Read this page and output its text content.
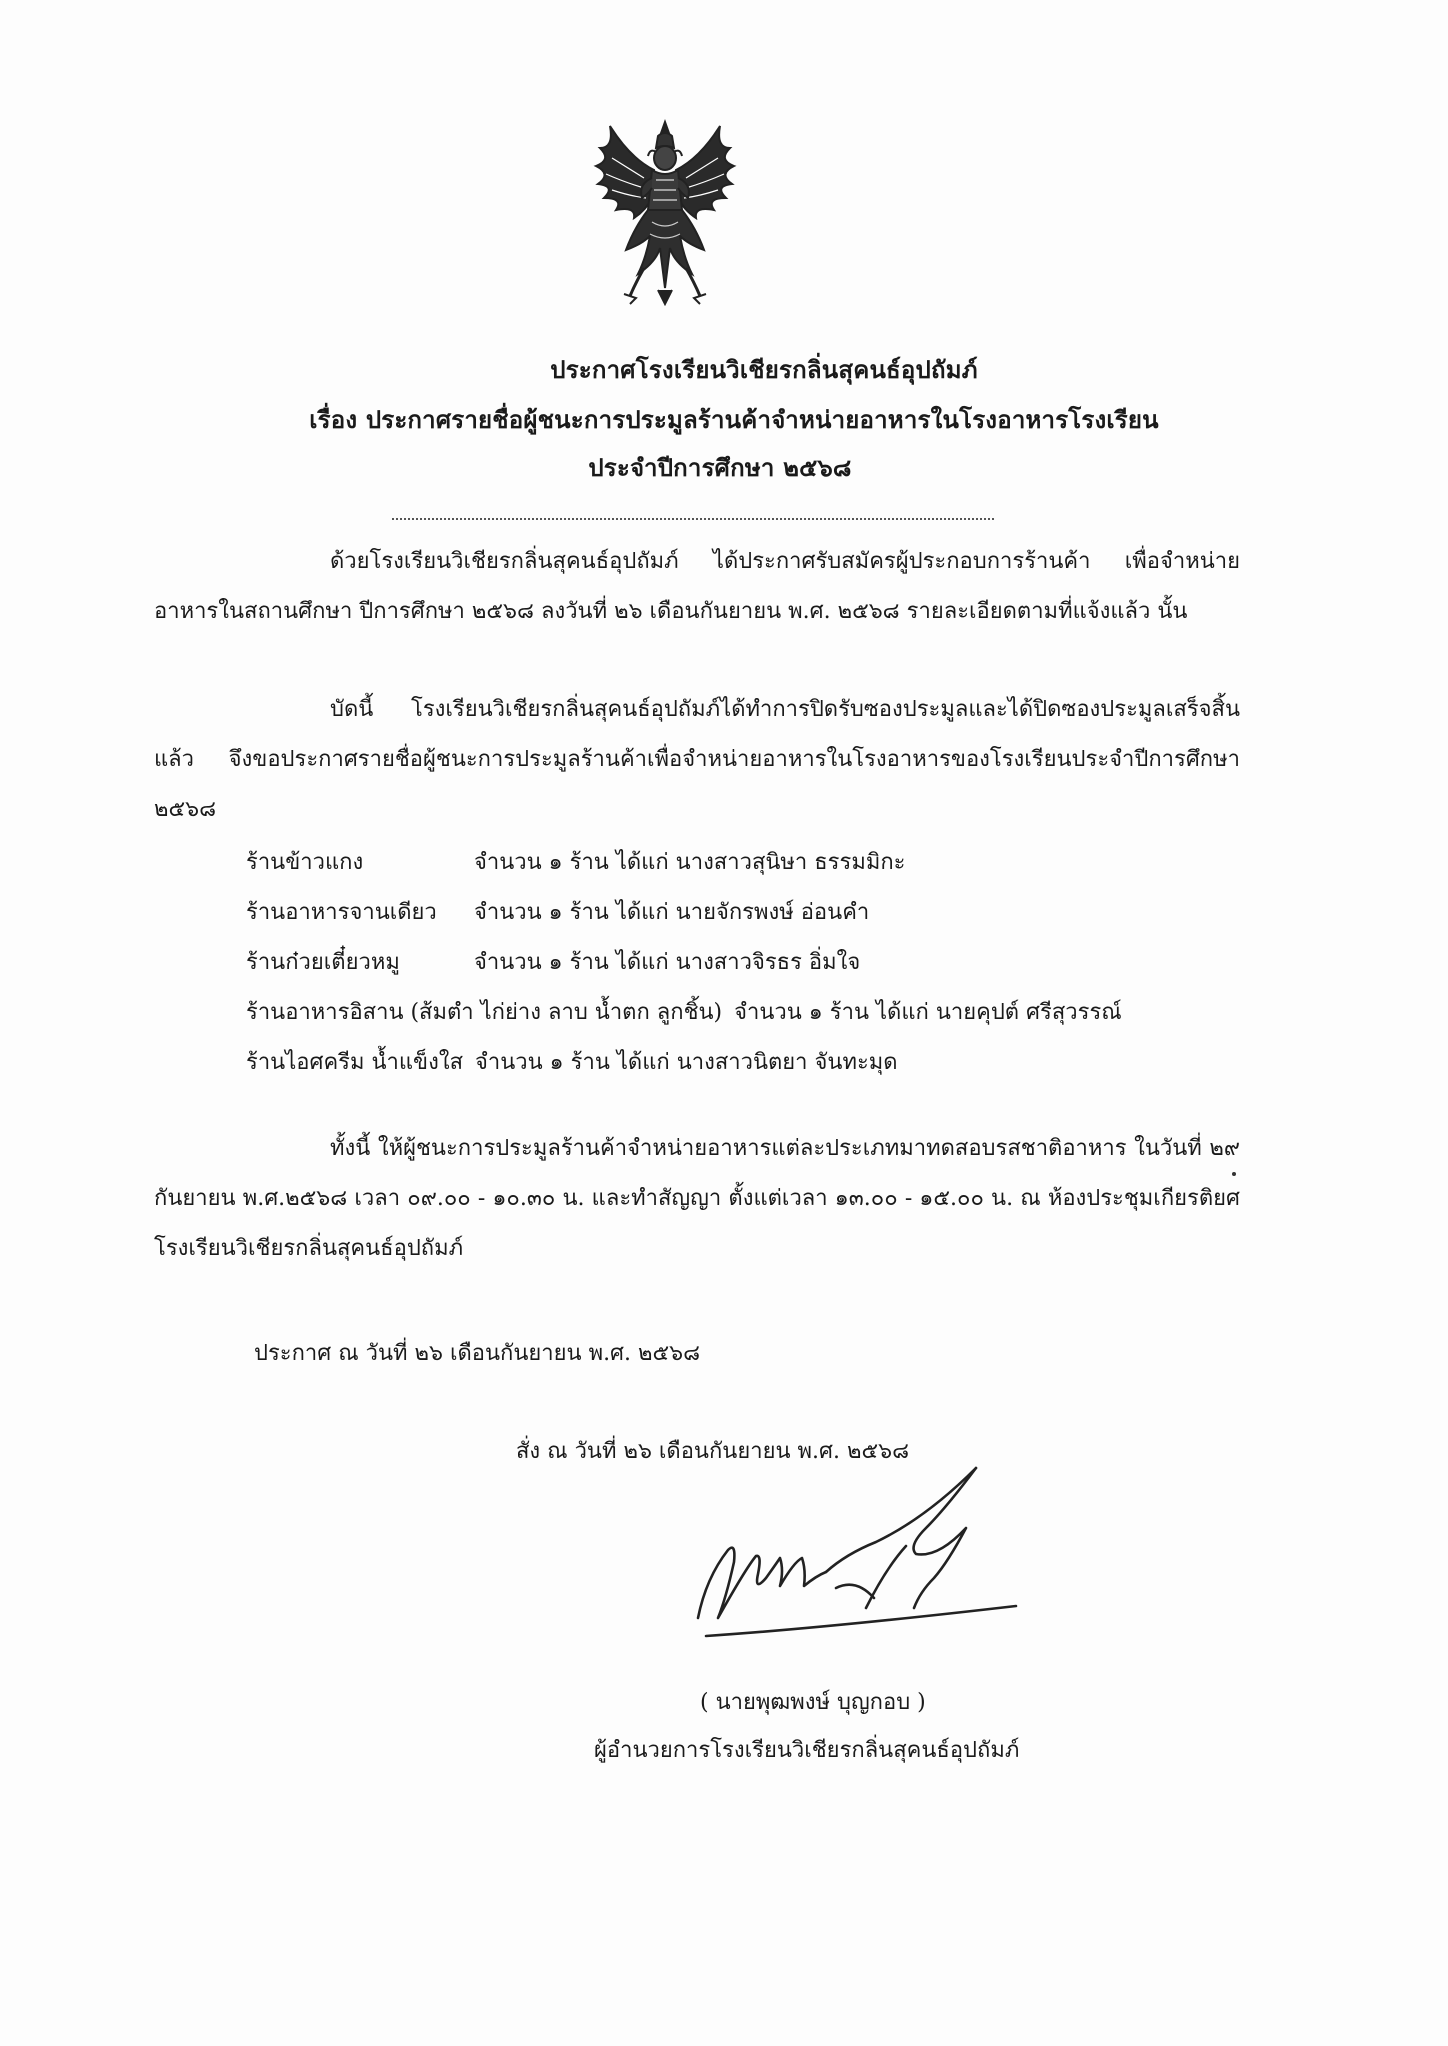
ประกาศโรงเรียนวิเชียรกลิ่นสุคนธ์อุปถัมภ์
เรื่อง ประกาศรายชื่อผู้ชนะการประมูลร้านค้าจำหน่ายอาหารในโรงอาหารโรงเรียน
ประจำปีการศึกษา ๒๕๖๘
ด้วยโรงเรียนวิเชียรกลิ่นสุคนธ์อุปถัมภ์ ได้ประกาศรับสมัครผู้ประกอบการร้านค้า เพื่อจำหน่ายอาหารในสถานศึกษา ปีการศึกษา ๒๕๖๘ ลงวันที่ ๒๖ เดือนกันยายน พ.ศ. ๒๕๖๘ รายละเอียดตามที่แจ้งแล้ว นั้น
บัดนี้ โรงเรียนวิเชียรกลิ่นสุคนธ์อุปถัมภ์ได้ทำการปิดรับซองประมูลและได้ปิดซองประมูลเสร็จสิ้นแล้ว จึงขอประกาศรายชื่อผู้ชนะการประมูลร้านค้าเพื่อจำหน่ายอาหารในโรงอาหารของโรงเรียนประจำปีการศึกษา ๒๕๖๘
ร้านข้าวแกง	จำนวน ๑ ร้าน ได้แก่ นางสาวสุนิษา ธรรมมิกะ
ร้านอาหารจานเดียว จำนวน ๑ ร้าน ได้แก่ นายจักรพงษ์ อ่อนคำ
ร้านก๋วยเตี๋ยวหมู	จำนวน ๑ ร้าน ได้แก่ นางสาวจิรธร อิ่มใจ
ร้านอาหารอิสาน (ส้มตำ ไก่ย่าง ลาบ น้ำตก ลูกชิ้น) จำนวน ๑ ร้าน ได้แก่ นายคุปต์ ศรีสุวรรณ์
ร้านไอศครีม น้ำแข็งใส จำนวน ๑ ร้าน ได้แก่ นางสาวนิตยา จันทะมุด
ทั้งนี้ ให้ผู้ชนะการประมูลร้านค้าจำหน่ายอาหารแต่ละประเภทมาทดสอบรสชาติอาหาร ในวันที่ ๒๙ กันยายน พ.ศ.๒๕๖๘ เวลา ๐๙.๐๐ - ๑๐.๓๐ น. และทำสัญญา ตั้งแต่เวลา ๑๓.๐๐ - ๑๕.๐๐ น. ณ ห้องประชุมเกียรติยศ โรงเรียนวิเชียรกลิ่นสุคนธ์อุปถัมภ์
ประกาศ ณ วันที่ ๒๖ เดือนกันยายน พ.ศ. ๒๕๖๘
สั่ง ณ วันที่ ๒๖ เดือนกันยายน พ.ศ. ๒๕๖๘
( นายพุฒพงษ์ บุญกอบ )
ผู้อำนวยการโรงเรียนวิเชียรกลิ่นสุคนธ์อุปถัมภ์
